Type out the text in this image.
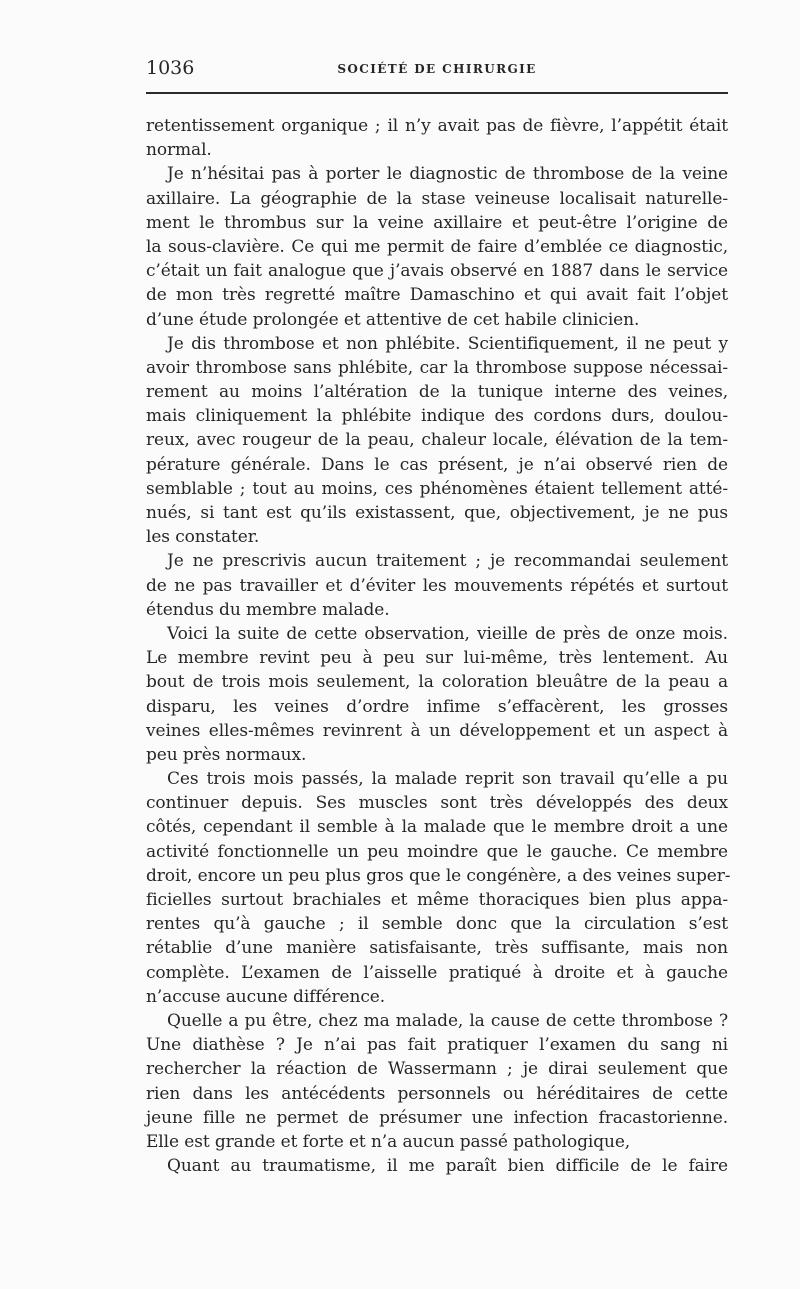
1036	SOCIÉTÉ DE CHIRURGIE
retentissement organique ; il n’y avait pas de fièvre, l’appétit était
normal.
Je n’hésitai pas à porter le diagnostic de thrombose de la veine
axillaire. La géographie de la stase veineuse localisait naturelle-
ment le thrombus sur la veine axillaire et peut-être l’origine de
la sous-clavière. Ce qui me permit de faire d’emblée ce diagnostic,
c’était un fait analogue que j’avais observé en 1887 dans le service
de mon très regretté maître Damaschino et qui avait fait l’objet
d’une étude prolongée et attentive de cet habile clinicien.
Je dis thrombose et non phlébite. Scientifiquement, il ne peut y
avoir thrombose sans phlébite, car la thrombose suppose nécessai-
rement au moins l’altération de la tunique interne des veines,
mais cliniquement la phlébite indique des cordons durs, doulou-
reux, avec rougeur de la peau, chaleur locale, élévation de la tem-
pérature générale. Dans le cas présent, je n’ai observé rien de
semblable ; tout au moins, ces phénomènes étaient tellement atté-
nués, si tant est qu’ils existassent, que, objectivement, je ne pus
les constater.
Je ne prescrivis aucun traitement ; je recommandai seulement
de ne pas travailler et d’éviter les mouvements répétés et surtout
étendus du membre malade.
Voici la suite de cette observation, vieille de près de onze mois.
Le membre revint peu à peu sur lui-même, très lentement. Au
bout de trois mois seulement, la coloration bleuâtre de la peau a
disparu, les veines d’ordre infime s’effacèrent, les grosses
veines elles-mêmes revinrent à un développement et un aspect à
peu près normaux.
Ces trois mois passés, la malade reprit son travail qu’elle a pu
continuer depuis. Ses muscles sont très développés des deux
côtés, cependant il semble à la malade que le membre droit a une
activité fonctionnelle un peu moindre que le gauche. Ce membre
droit, encore un peu plus gros que le congénère, a des veines super-
ficielles surtout brachiales et même thoraciques bien plus appa-
rentes qu’à gauche ; il semble donc que la circulation s’est
rétablie d’une manière satisfaisante, très suffisante, mais non
complète. L’examen de l’aisselle pratiqué à droite et à gauche
n’accuse aucune différence.
Quelle a pu être, chez ma malade, la cause de cette thrombose ?
Une diathèse ? Je n’ai pas fait pratiquer l’examen du sang ni
rechercher la réaction de Wassermann ; je dirai seulement que
rien dans les antécédents personnels ou héréditaires de cette
jeune fille ne permet de présumer une infection fracastorienne.
Elle est grande et forte et n’a aucun passé pathologique,
Quant au traumatisme, il me paraît bien difficile de le faire
